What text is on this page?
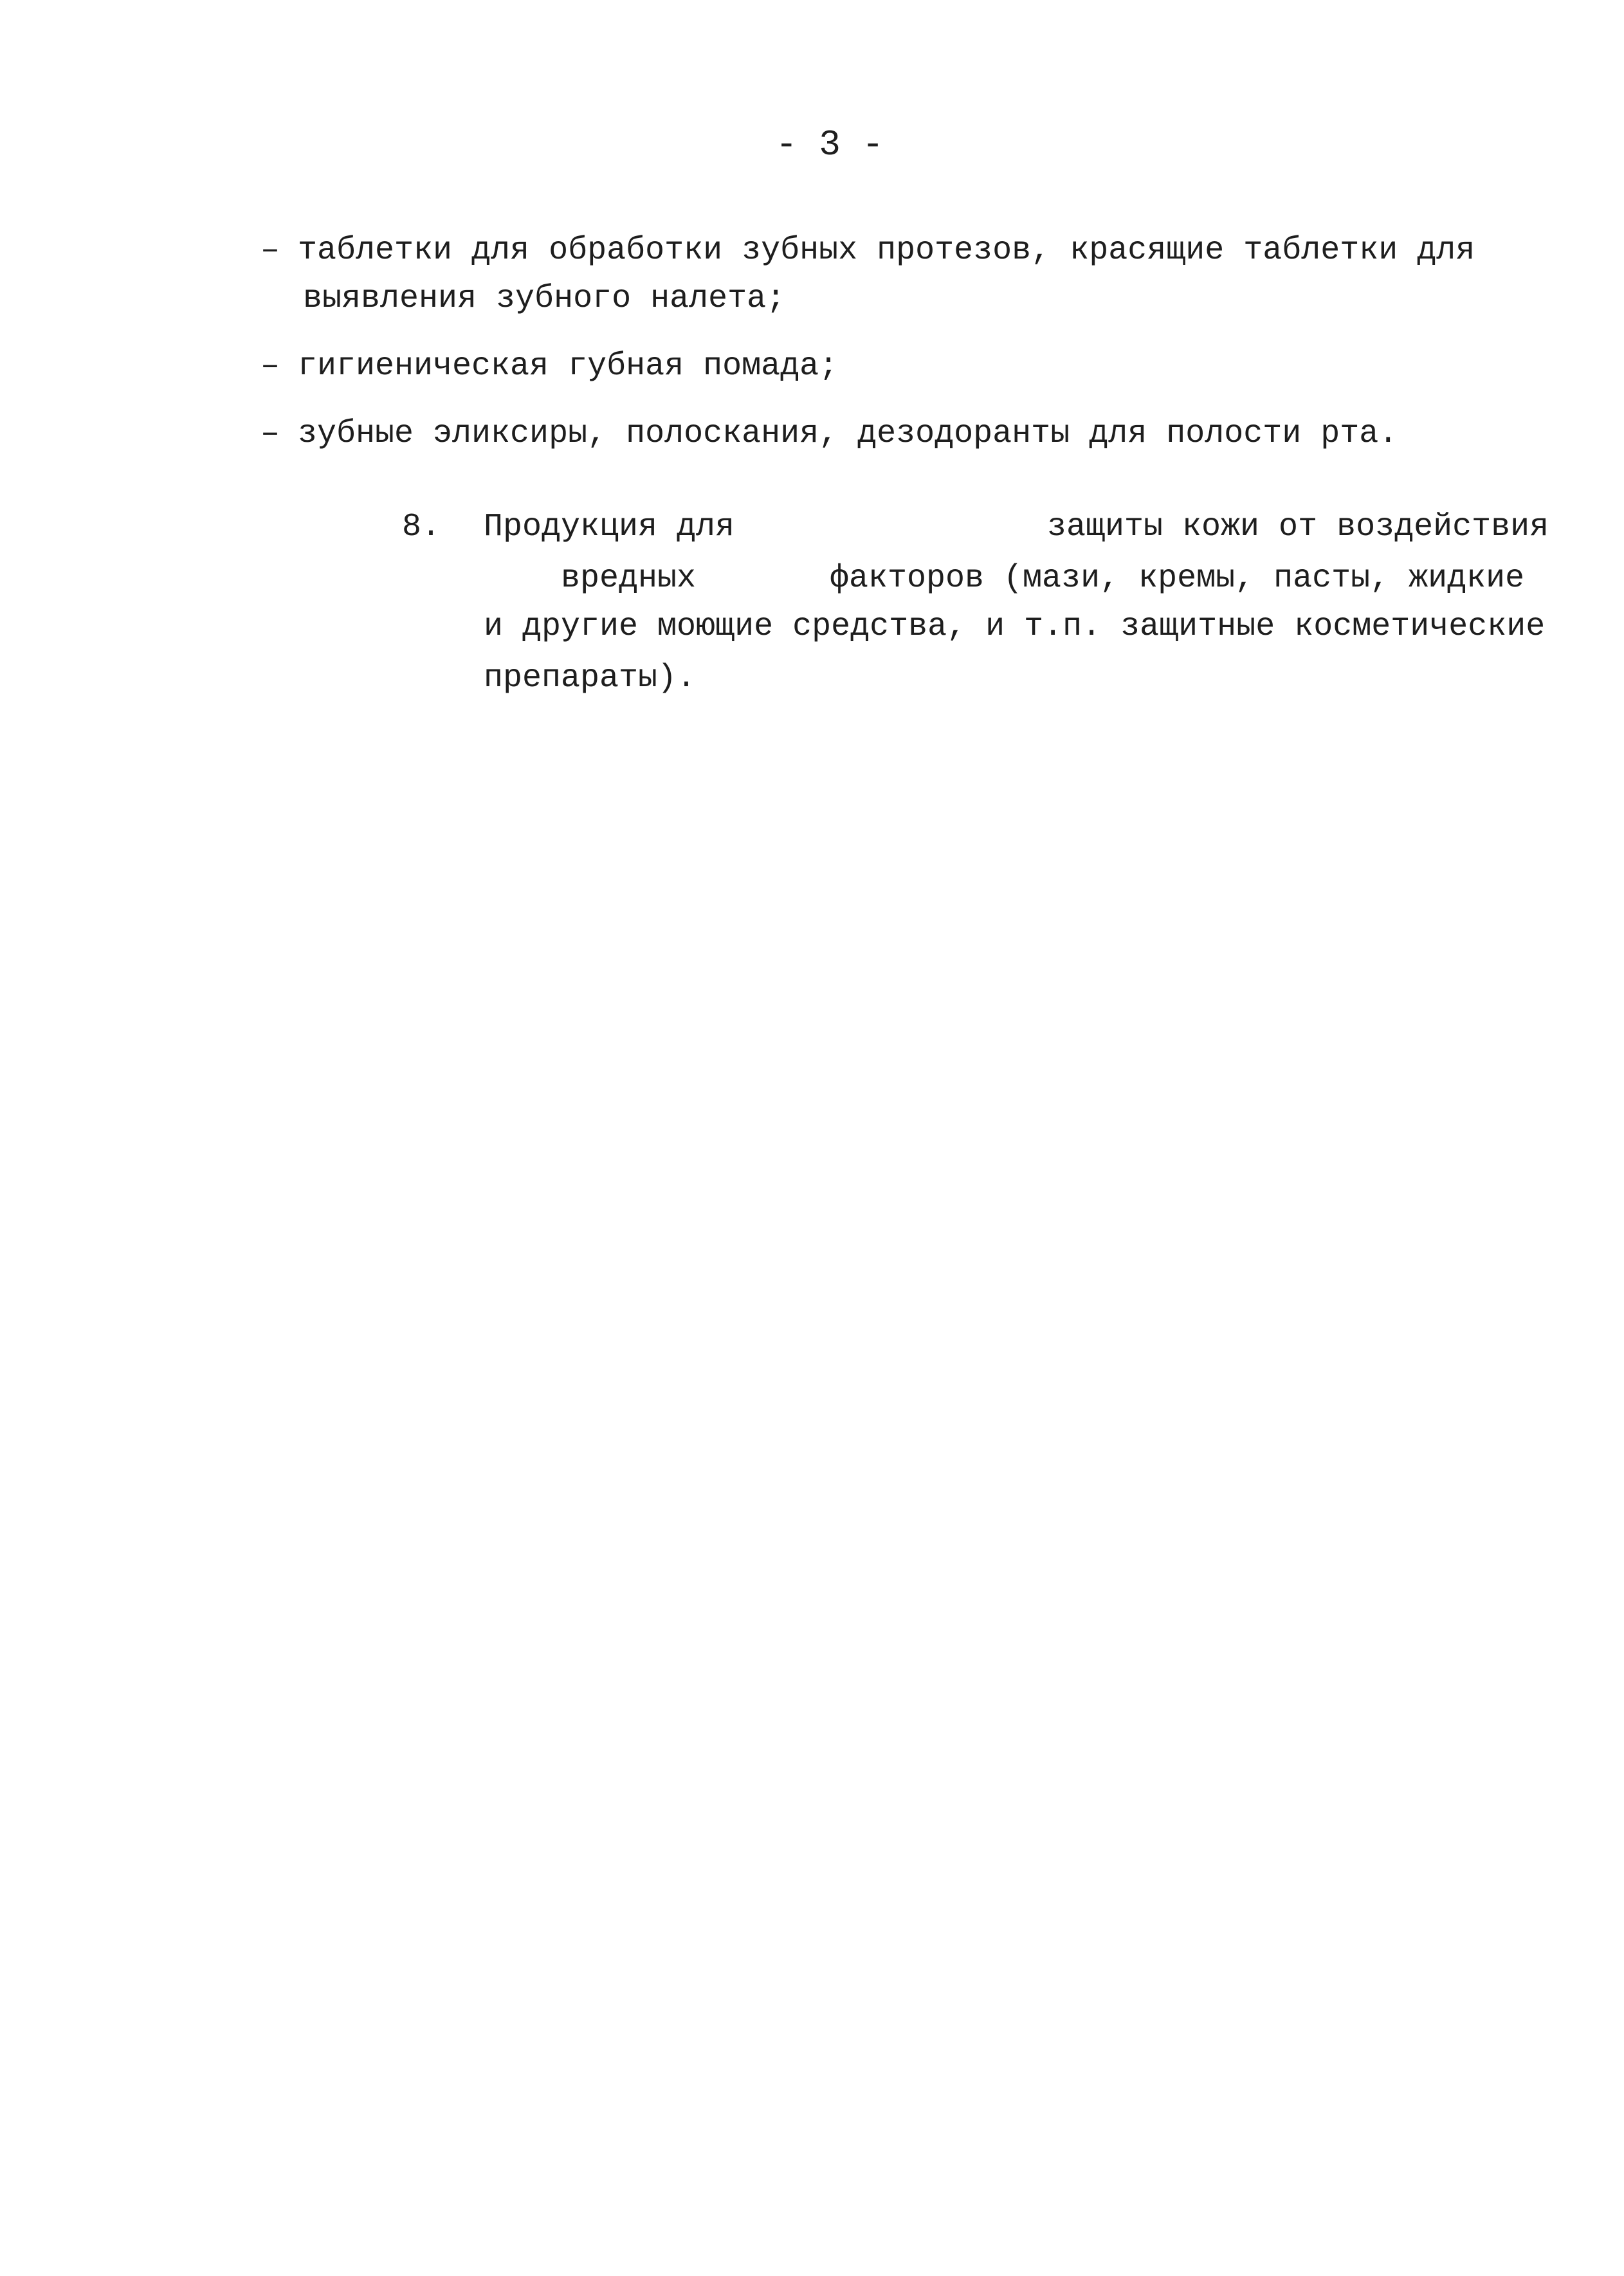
- 3 -
– таблетки для обработки зубных протезов, красящие таблетки для
выявления зубного налета;
– гигиеническая губная помада;
– зубные эликсиры, полоскания, дезодоранты для полости рта.
8. Продукция для	защиты кожи от воздействия
вредных	факторов (мази, кремы, пасты, жидкие
и другие моющие средства, и т.п. защитные косметические
препараты).
